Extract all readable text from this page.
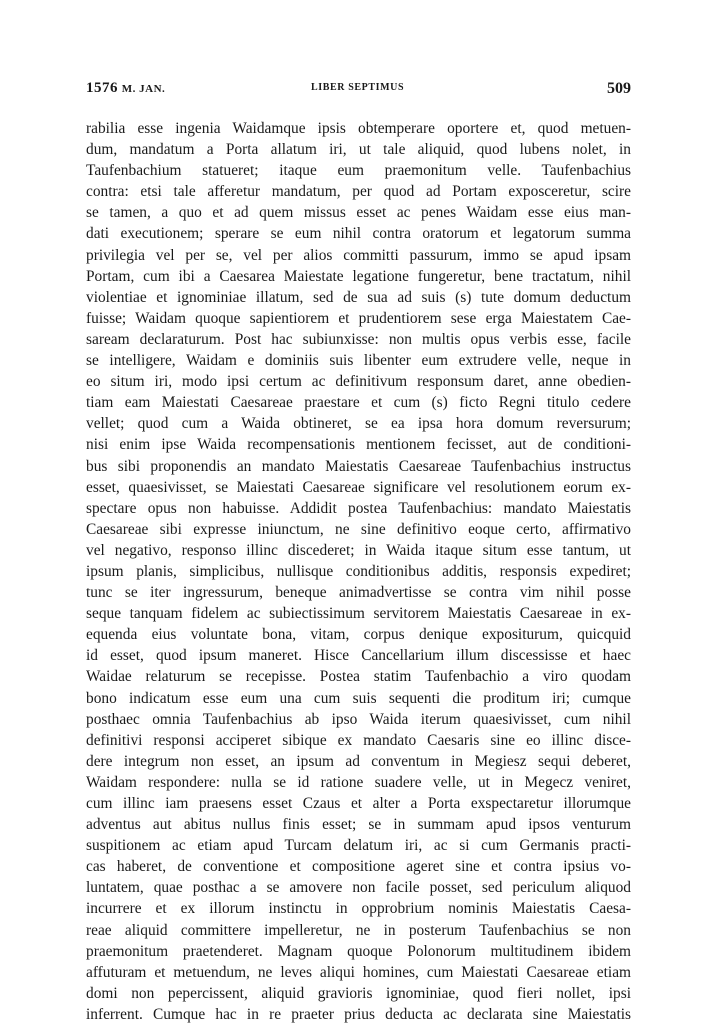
1576 M. JAN.	LIBER SEPTIMUS	509
rabilia esse ingenia Waidamque ipsis obtemperare oportere et, quod metuen-
dum, mandatum a Porta allatum iri, ut tale aliquid, quod lubens nolet, in
Taufenbachium statueret; itaque eum praemonitum velle. Taufenbachius
contra: etsi tale afferetur mandatum, per quod ad Portam exposceretur, scire
se tamen, a quo et ad quem missus esset ac penes Waidam esse eius man-
dati executionem; sperare se eum nihil contra oratorum et legatorum summa
privilegia vel per se, vel per alios committi passurum, immo se apud ipsam
Portam, cum ibi a Caesarea Maiestate legatione fungeretur, bene tractatum, nihil
violentiae et ignominiae illatum, sed de sua ad suis (s) tute domum deductum
fuisse; Waidam quoque sapientiorem et prudentiorem sese erga Maiestatem Cae-
saream declaraturum. Post hac subiunxisse: non multis opus verbis esse, facile
se intelligere, Waidam e dominiis suis libenter eum extrudere velle, neque in
eo situm iri, modo ipsi certum ac definitivum responsum daret, anne obedien-
tiam eam Maiestati Caesareae praestare et cum (s) ficto Regni titulo cedere
vellet; quod cum a Waida obtineret, se ea ipsa hora domum reversurum;
nisi enim ipse Waida recompensationis mentionem fecisset, aut de conditioni-
bus sibi proponendis an mandato Maiestatis Caesareae Taufenbachius instructus
esset, quaesivisset, se Maiestati Caesareae significare vel resolutionem eorum ex-
spectare opus non habuisse. Addidit postea Taufenbachius: mandato Maiestatis
Caesareae sibi expresse iniunctum, ne sine definitivo eoque certo, affirmativo
vel negativo, responso illinc discederet; in Waida itaque situm esse tantum, ut
ipsum planis, simplicibus, nullisque conditionibus additis, responsis expediret;
tunc se iter ingressurum, beneque animadvertisse se contra vim nihil posse
seque tanquam fidelem ac subiectissimum servitorem Maiestatis Caesareae in ex-
equenda eius voluntate bona, vitam, corpus denique expositurum, quicquid
id esset, quod ipsum maneret. Hisce Cancellarium illum discessisse et haec
Waidae relaturum se recepisse. Postea statim Taufenbachio a viro quodam
bono indicatum esse eum una cum suis sequenti die proditum iri; cumque
posthaec omnia Taufenbachius ab ipso Waida iterum quaesivisset, cum nihil
definitivi responsi acciperet sibique ex mandato Caesaris sine eo illinc disce-
dere integrum non esset, an ipsum ad conventum in Megiesz sequi deberet,
Waidam respondere: nulla se id ratione suadere velle, ut in Megecz veniret,
cum illinc iam praesens esset Czaus et alter a Porta exspectaretur illorumque
adventus aut abitus nullus finis esset; se in summam apud ipsos venturum
suspitionem ac etiam apud Turcam delatum iri, ac si cum Germanis practi-
cas haberet, de conventione et compositione ageret sine et contra ipsius vo-
luntatem, quae posthac a se amovere non facile posset, sed periculum aliquod
incurrere et ex illorum instinctu in opprobrium nominis Maiestatis Caesa-
reae aliquid committere impelleretur, ne in posterum Taufenbachius se non
praemonitum praetenderet. Magnam quoque Polonorum multitudinem ibidem
affuturam et metuendum, ne leves aliqui homines, cum Maiestati Caesareae etiam
domi non pepercissent, aliquid gravioris ignominiae, quod fieri nollet, ipsi
inferrent. Cumque hac in re praeter prius deducta ac declarata sine Maiestatis
